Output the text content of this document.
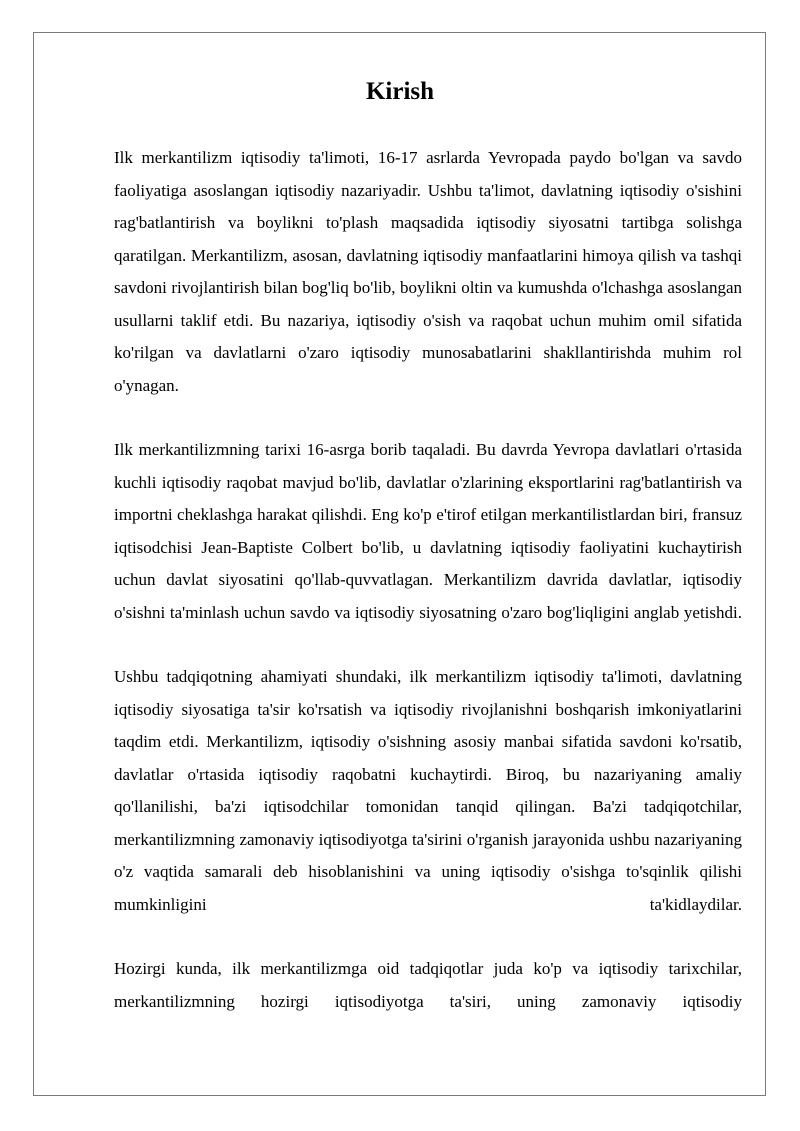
Kirish

Ilk merkantilizm iqtisodiy ta'limoti, 16-17 asrlarda Yevropada paydo bo'lgan va savdo faoliyatiga asoslangan iqtisodiy nazariyadir. Ushbu ta'limot, davlatning iqtisodiy o'sishini rag'batlantirish va boylikni to'plash maqsadida iqtisodiy siyosatni tartibga solishga qaratilgan. Merkantilizm, asosan, davlatning iqtisodiy manfaatlarini himoya qilish va tashqi savdoni rivojlantirish bilan bog'liq bo'lib, boylikni oltin va kumushda o'lchashga asoslangan usullarni taklif etdi. Bu nazariya, iqtisodiy o'sish va raqobat uchun muhim omil sifatida ko'rilgan va davlatlarni o'zaro iqtisodiy munosabatlarini shakllantirishda muhim rol o'ynagan.

Ilk merkantilizmning tarixi 16-asrga borib taqaladi. Bu davrda Yevropa davlatlari o'rtasida kuchli iqtisodiy raqobat mavjud bo'lib, davlatlar o'zlarining eksportlarini rag'batlantirish va importni cheklashga harakat qilishdi. Eng ko'p e'tirof etilgan merkantilistlardan biri, fransuz iqtisodchisi Jean-Baptiste Colbert bo'lib, u davlatning iqtisodiy faoliyatini kuchaytirish uchun davlat siyosatini qo'llab-quvvatlagan. Merkantilizm davrida davlatlar, iqtisodiy o'sishni ta'minlash uchun savdo va iqtisodiy siyosatning o'zaro bog'liqligini anglab yetishdi.

Ushbu tadqiqotning ahamiyati shundaki, ilk merkantilizm iqtisodiy ta'limoti, davlatning iqtisodiy siyosatiga ta'sir ko'rsatish va iqtisodiy rivojlanishni boshqarish imkoniyatlarini taqdim etdi. Merkantilizm, iqtisodiy o'sishning asosiy manbai sifatida savdoni ko'rsatib, davlatlar o'rtasida iqtisodiy raqobatni kuchaytirdi. Biroq, bu nazariyaning amaliy qo'llanilishi, ba'zi iqtisodchilar tomonidan tanqid qilingan. Ba'zi tadqiqotchilar, merkantilizmning zamonaviy iqtisodiyotga ta'sirini o'rganish jarayonida ushbu nazariyaning o'z vaqtida samarali deb hisoblanishini va uning iqtisodiy o'sishga to'sqinlik qilishi mumkinligini ta'kidlaydilar.

Hozirgi kunda, ilk merkantilizmga oid tadqiqotlar juda ko'p va iqtisodiy tarixchilar, merkantilizmning hozirgi iqtisodiyotga ta'siri, uning zamonaviy iqtisodiy
